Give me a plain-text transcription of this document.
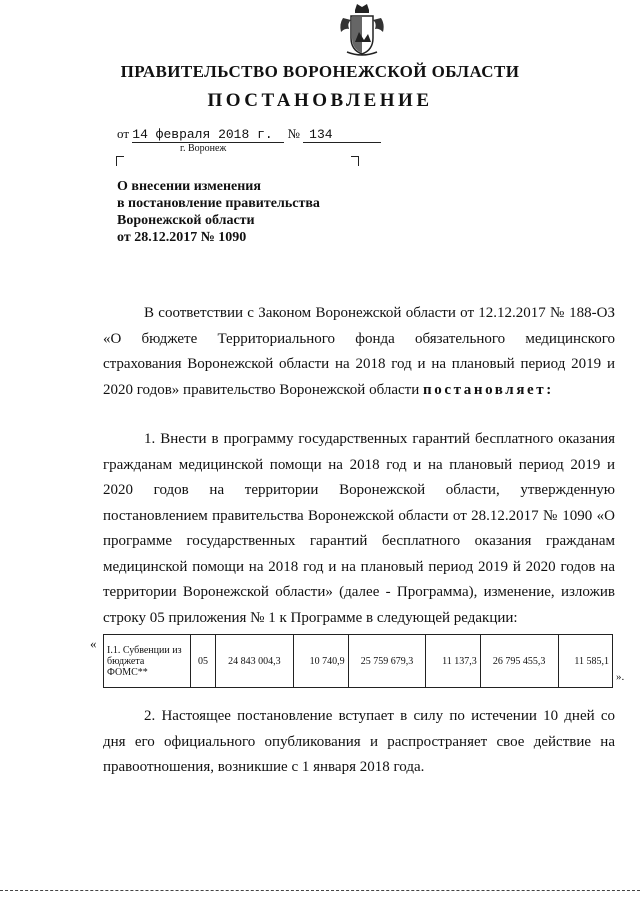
ПРАВИТЕЛЬСТВО ВОРОНЕЖСКОЙ ОБЛАСТИ
ПОСТАНОВЛЕНИЕ
от 14 февраля 2018 г. № 134
г. Воронеж
О внесении изменения
в постановление правительства
Воронежской области
от 28.12.2017 № 1090
В соответствии с Законом Воронежской области от 12.12.2017 № 188-ОЗ «О бюджете Территориального фонда обязательного медицинского страхования Воронежской области на 2018 год и на плановый период 2019 и 2020 годов» правительство Воронежской области постановляет:
1. Внести в программу государственных гарантий бесплатного оказания гражданам медицинской помощи на 2018 год и на плановый период 2019 и 2020 годов на территории Воронежской области, утвержденную постановлением правительства Воронежской области от 28.12.2017 № 1090 «О программе государственных гарантий бесплатного оказания гражданам медицинской помощи на 2018 год и на плановый период 2019 й 2020 годов на территории Воронежской области» (далее - Программа), изменение, изложив строку 05 приложения № 1 к Программе в следующей редакции:
« I.1. Субвенции из бюджета ФОМС**	05	24 843 004,3	10 740,9	25 759 679,3	11 137,3	26 795 455,3	11 585,1
».
2. Настоящее постановление вступает в силу по истечении 10 дней со дня его официального опубликования и распространяет свое действие на правоотношения, возникшие с 1 января 2018 года.
